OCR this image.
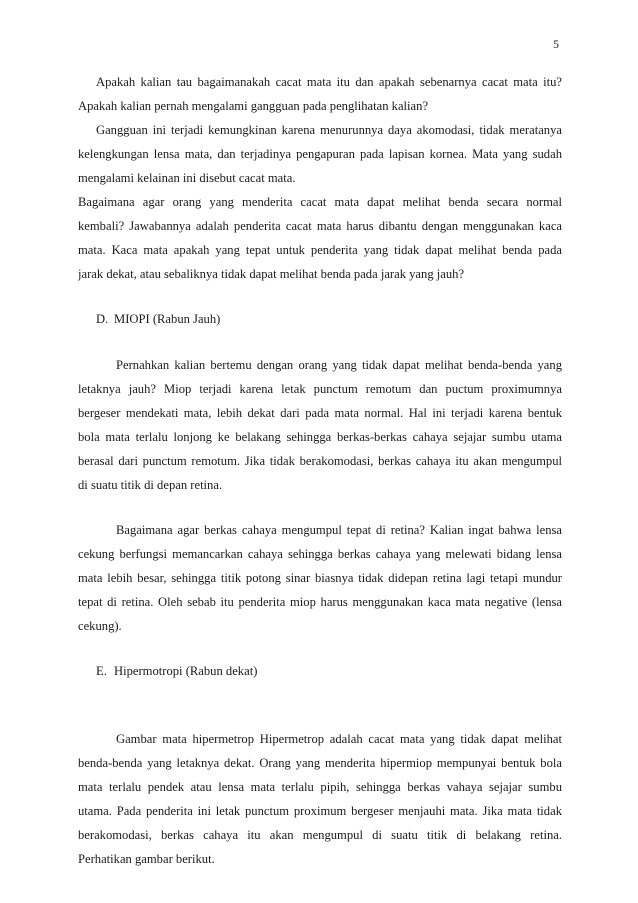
5
Apakah kalian tau bagaimanakah cacat mata itu dan apakah sebenarnya cacat mata itu?
Apakah kalian pernah mengalami gangguan pada penglihatan kalian?
Gangguan ini terjadi kemungkinan karena menurunnya daya akomodasi, tidak meratanya
kelengkungan lensa mata, dan terjadinya pengapuran pada lapisan kornea. Mata yang sudah
mengalami kelainan ini disebut cacat mata.
Bagaimana agar orang yang menderita cacat mata dapat melihat benda secara normal
kembali? Jawabannya adalah penderita cacat mata harus dibantu dengan menggunakan kaca
mata. Kaca mata apakah yang tepat untuk penderita yang tidak dapat melihat benda pada
jarak dekat, atau sebaliknya tidak dapat melihat benda pada jarak yang jauh?
D. MIOPI (Rabun Jauh)
Pernahkan kalian bertemu dengan orang yang tidak dapat melihat benda-benda yang
letaknya jauh? Miop terjadi karena letak punctum remotum dan puctum proximumnya
bergeser mendekati mata, lebih dekat dari pada mata normal. Hal ini terjadi karena bentuk
bola mata terlalu lonjong ke belakang sehingga berkas-berkas cahaya sejajar sumbu utama
berasal dari punctum remotum. Jika tidak berakomodasi, berkas cahaya itu akan mengumpul
di suatu titik di depan retina.
Bagaimana agar berkas cahaya mengumpul tepat di retina? Kalian ingat bahwa lensa
cekung berfungsi memancarkan cahaya sehingga berkas cahaya yang melewati bidang lensa
mata lebih besar, sehingga titik potong sinar biasnya tidak didepan retina lagi tetapi mundur
tepat di retina. Oleh sebab itu penderita miop harus menggunakan kaca mata negative (lensa
cekung).
E. Hipermotropi (Rabun dekat)
Gambar mata hipermetrop Hipermetrop adalah cacat mata yang tidak dapat melihat
benda-benda yang letaknya dekat. Orang yang menderita hipermiop mempunyai bentuk bola
mata terlalu pendek atau lensa mata terlalu pipih, sehingga berkas vahaya sejajar sumbu
utama. Pada penderita ini letak punctum proximum bergeser menjauhi mata. Jika mata tidak
berakomodasi, berkas cahaya itu akan mengumpul di suatu titik di belakang retina.
Perhatikan gambar berikut.
